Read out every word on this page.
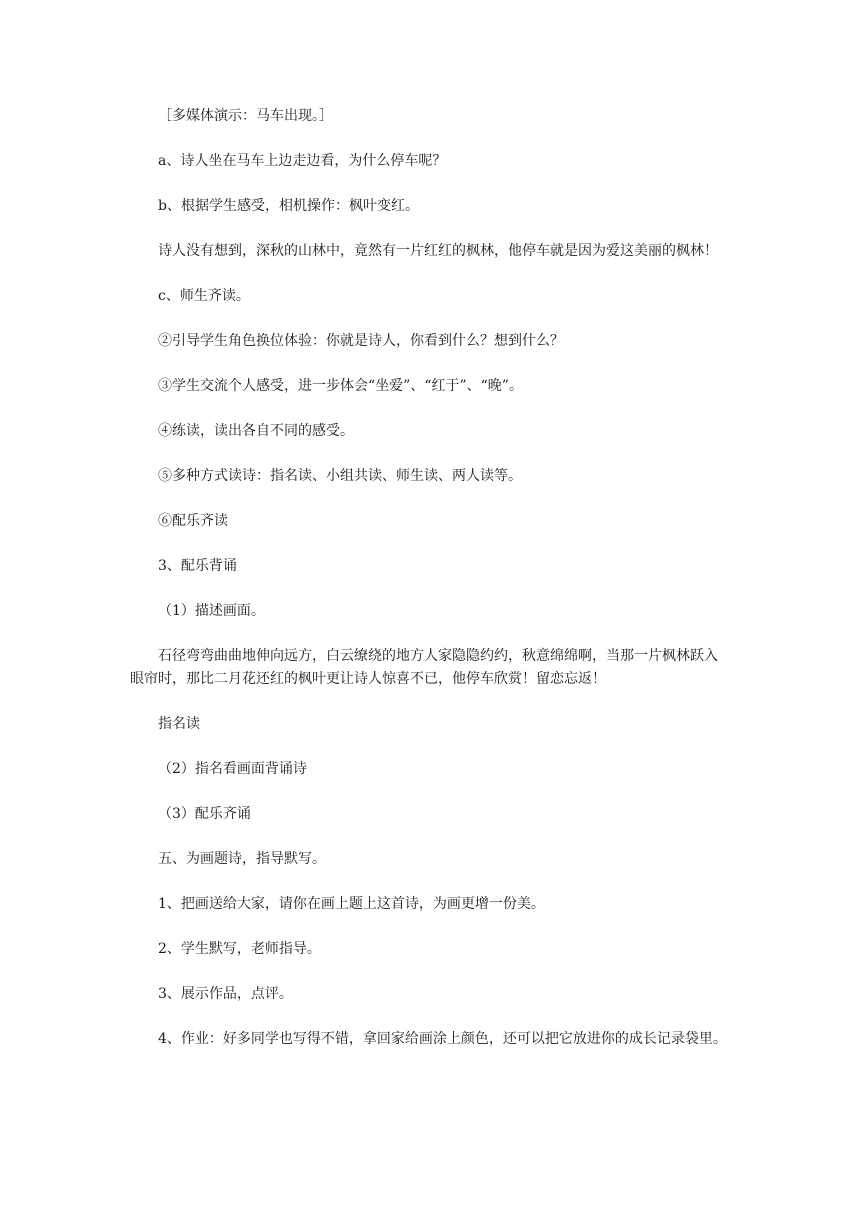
［多媒体演示：马车出现。］

a、诗人坐在马车上边走边看，为什么停车呢？

b、根据学生感受，相机操作：枫叶变红。

诗人没有想到，深秋的山林中，竟然有一片红红的枫林，他停车就是因为爱这美丽的枫林！

c、师生齐读。

②引导学生角色换位体验：你就是诗人，你看到什么？想到什么？

③学生交流个人感受，进一步体会“坐爱”、“红于”、“晚”。

④练读，读出各自不同的感受。

⑤多种方式读诗：指名读、小组共读、师生读、两人读等。

⑥配乐齐读

3、配乐背诵

（1）描述画面。

石径弯弯曲曲地伸向远方，白云缭绕的地方人家隐隐约约，秋意绵绵啊，当那一片枫林跃入眼帘时，那比二月花还红的枫叶更让诗人惊喜不已，他停车欣赏！留恋忘返！

指名读

（2）指名看画面背诵诗

（3）配乐齐诵

五、为画题诗，指导默写。

1、把画送给大家，请你在画上题上这首诗，为画更增一份美。

2、学生默写，老师指导。

3、展示作品，点评。

4、作业：好多同学也写得不错，拿回家给画涂上颜色，还可以把它放进你的成长记录袋里。
